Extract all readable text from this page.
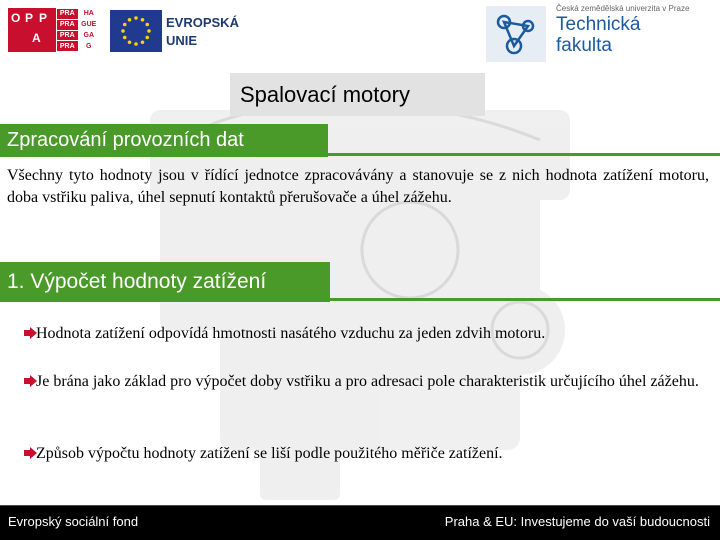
O P P
A
PRA	HA
PRA GUE
PRA	GA
PRA	G
EVROPSKÁ
UNIE
Česká zemědělská univerzita v Praze
Technická
fakulta
Spalovací motory
Zpracování provozních dat
Všechny tyto hodnoty jsou v řídící jednotce zpracovávány a stanovuje se z nich hodnota zatížení motoru, doba vstřiku paliva, úhel sepnutí kontaktů přerušovače a úhel zážehu.
1. Výpočet hodnoty zatížení
Hodnota zatížení odpovídá hmotnosti nasátého vzduchu za jeden zdvih motoru.
Je brána jako základ pro výpočet doby vstřiku a pro adresaci pole charakteristik určujícího úhel zážehu.
Způsob výpočtu hodnoty zatížení se liší podle použitého měřiče zatížení.
Evropský sociální fond	Praha & EU: Investujeme do vaší budoucnosti
